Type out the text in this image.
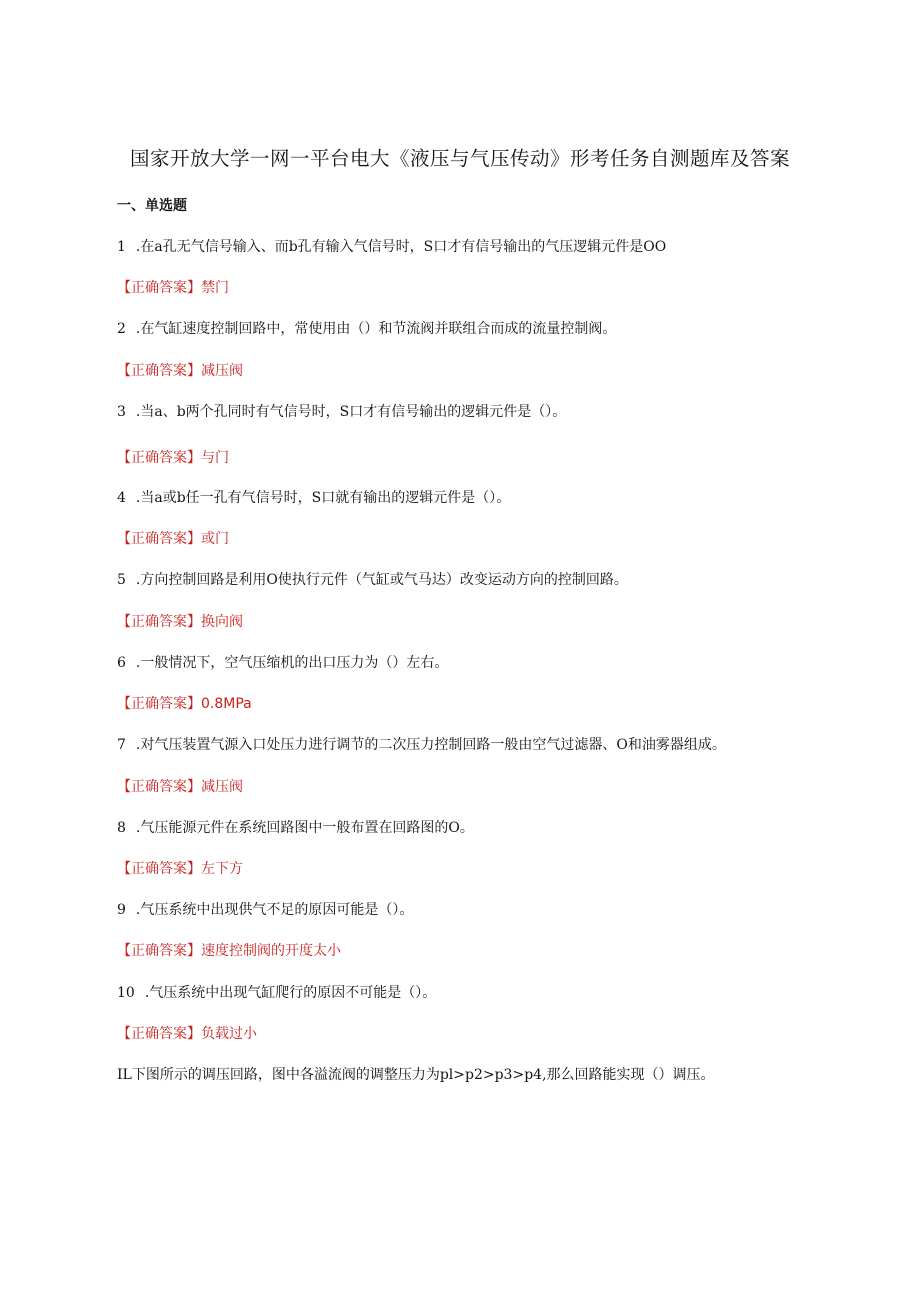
国家开放大学一网一平台电大《液压与气压传动》形考任务自测题库及答案
一、单选题

1 .在a孔无气信号输入、而b孔有输入气信号时，S口才有信号输出的气压逻辑元件是OO

【正确答案】禁门

2 .在气缸速度控制回路中，常使用由（）和节流阀并联组合而成的流量控制阀。

【正确答案】减压阀

3 .当a、b两个孔同时有气信号时，S口才有信号输出的逻辑元件是（）。

【正确答案】与门

4 .当a或b任一孔有气信号时，S口就有输出的逻辑元件是（）。

【正确答案】或门

5 .方向控制回路是利用O使执行元件（气缸或气马达）改变运动方向的控制回路。

【正确答案】换向阀

6 .一般情况下，空气压缩机的出口压力为（）左右。

【正确答案】0.8MPa

7 .对气压装置气源入口处压力进行调节的二次压力控制回路一般由空气过滤器、O和油雾器组成。

【正确答案】减压阀

8 .气压能源元件在系统回路图中一般布置在回路图的O。

【正确答案】左下方

9 .气压系统中出现供气不足的原因可能是（）。

【正确答案】速度控制阀的开度太小

10 .气压系统中出现气缸爬行的原因不可能是（）。

【正确答案】负载过小

IL下图所示的调压回路，图中各溢流阀的调整压力为pl>p2>p3>p4,那么回路能实现（）调压。
